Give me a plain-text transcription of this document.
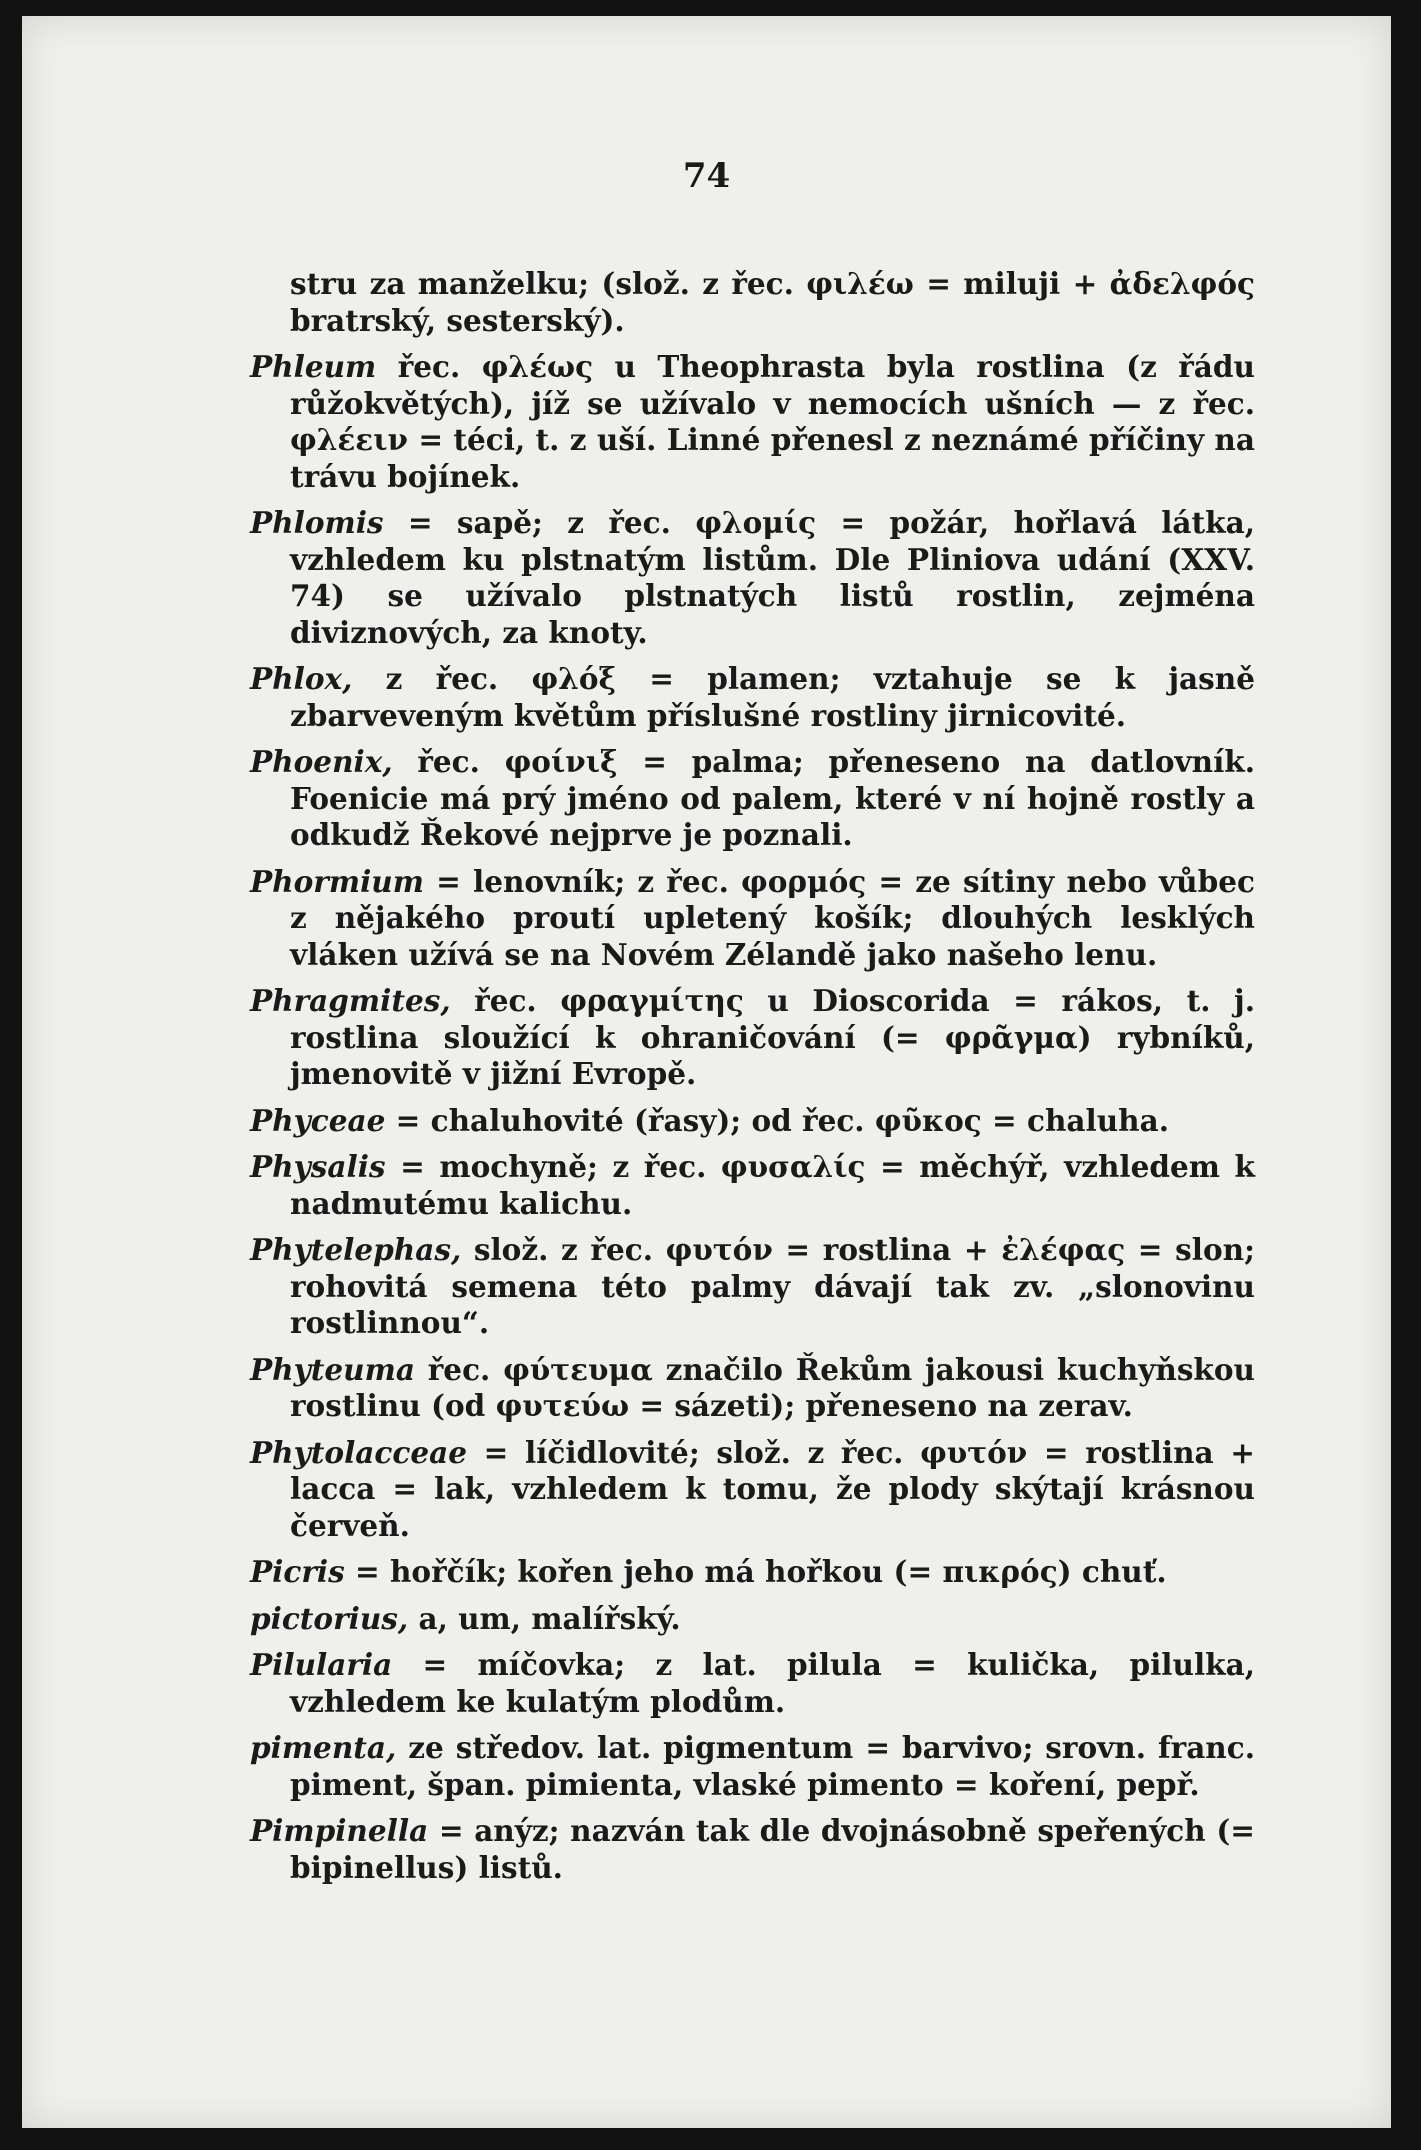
74

stru za manželku; (slož. z řec. φιλέω = miluji + ἀδελφός bratrský, sesterský).

Phleum řec. φλέως u Theophrasta byla rostlina (z řádu růžokvětých), jíž se užívalo v nemocích ušních — z řec. φλέειν = téci, t. z uší. Linné přenesl z neznámé příčiny na trávu bojínek.

Phlomis = sapě; z řec. φλομίς = požár, hořlavá látka, vzhledem ku plstnatým listům. Dle Pliniova udání (XXV. 74) se užívalo plstnatých listů rostlin, zejména diviznových, za knoty.

Phlox, z řec. φλόξ = plamen; vztahuje se k jasně zbarveveným květům příslušné rostliny jirnicovité.

Phoenix, řec. φοίνιξ = palma; přeneseno na datlovník. Foenicie má prý jméno od palem, které v ní hojně rostly a odkudž Řekové nejprve je poznali.

Phormium = lenovník; z řec. φορμός = ze sítiny nebo vůbec z nějakého proutí upletený košík; dlouhých lesklých vláken užívá se na Novém Zélandě jako našeho lenu.

Phragmites, řec. φραγμίτης u Dioscorida = rákos, t. j. rostlina sloužící k ohraničování (= φρᾶγμα) rybníků, jmenovitě v jižní Evropě.

Phyceae = chaluhovité (řasy); od řec. φῦκος = chaluha.

Physalis = mochyně; z řec. φυσαλίς = měchýř, vzhledem k nadmutému kalichu.

Phytelephas, slož. z řec. φυτόν = rostlina + ἐλέφας = slon; rohovitá semena této palmy dávají tak zv. „slonovinu rostlinnou“.

Phyteuma řec. φύτευμα značilo Řekům jakousi kuchyňskou rostlinu (od φυτεύω = sázeti); přeneseno na zerav.

Phytolacceae = líčidlovité; slož. z řec. φυτόν = rostlina + lacca = lak, vzhledem k tomu, že plody skýtají krásnou červeň.

Picris = hořčík; kořen jeho má hořkou (= πικρός) chuť.

pictorius, a, um, malířský.

Pilularia = míčovka; z lat. pilula = kulička, pilulka, vzhledem ke kulatým plodům.

pimenta, ze středov. lat. pigmentum = barvivo; srovn. franc. piment, špan. pimienta, vlaské pimento = koření, pepř.

Pimpinella = anýz; nazván tak dle dvojnásobně speřených (= bipinellus) listů.
